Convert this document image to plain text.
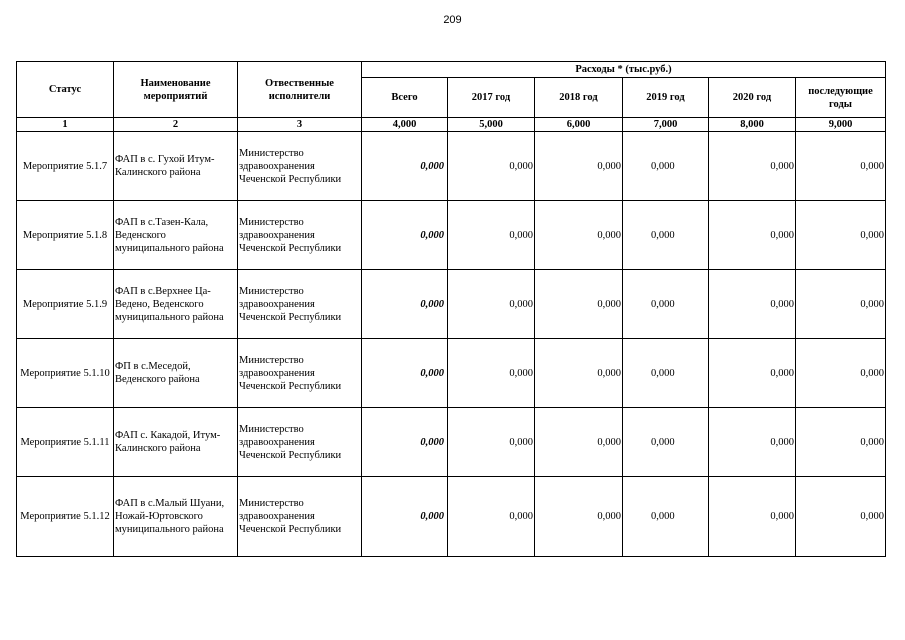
209
Статус	Наименование мероприятий	Отвественные исполнители	Расходы * (тыс.руб.)					
			Всего	2017 год	2018 год	2019 год	2020 год	последующие годы
1	2	3	4,000	5,000	6,000	7,000	8,000	9,000
Мероприятие 5.1.7	ФАП в с. Гухой Итум-Калинского района	Министерство здравоохранения Чеченской Республики	0,000	0,000	0,000	0,000	0,000	0,000
Мероприятие 5.1.8	ФАП в с.Тазен-Кала, Веденского муниципального района	Министерство здравоохранения Чеченской Республики	0,000	0,000	0,000	0,000	0,000	0,000
Мероприятие 5.1.9	ФАП в с.Верхнее Ца-Ведено, Веденского муниципального района	Министерство здравоохранения Чеченской Республики	0,000	0,000	0,000	0,000	0,000	0,000
Мероприятие 5.1.10	ФП в с.Меседой, Веденского района	Министерство здравоохранения Чеченской Республики	0,000	0,000	0,000	0,000	0,000	0,000
Мероприятие 5.1.11	ФАП с. Какадой, Итум-Калинского района	Министерство здравоохранения Чеченской Республики	0,000	0,000	0,000	0,000	0,000	0,000
Мероприятие 5.1.12	ФАП в с.Малый Шуани, Ножай-Юртовского муниципального района	Министерство здравоохранения Чеченской Республики	0,000	0,000	0,000	0,000	0,000	0,000
